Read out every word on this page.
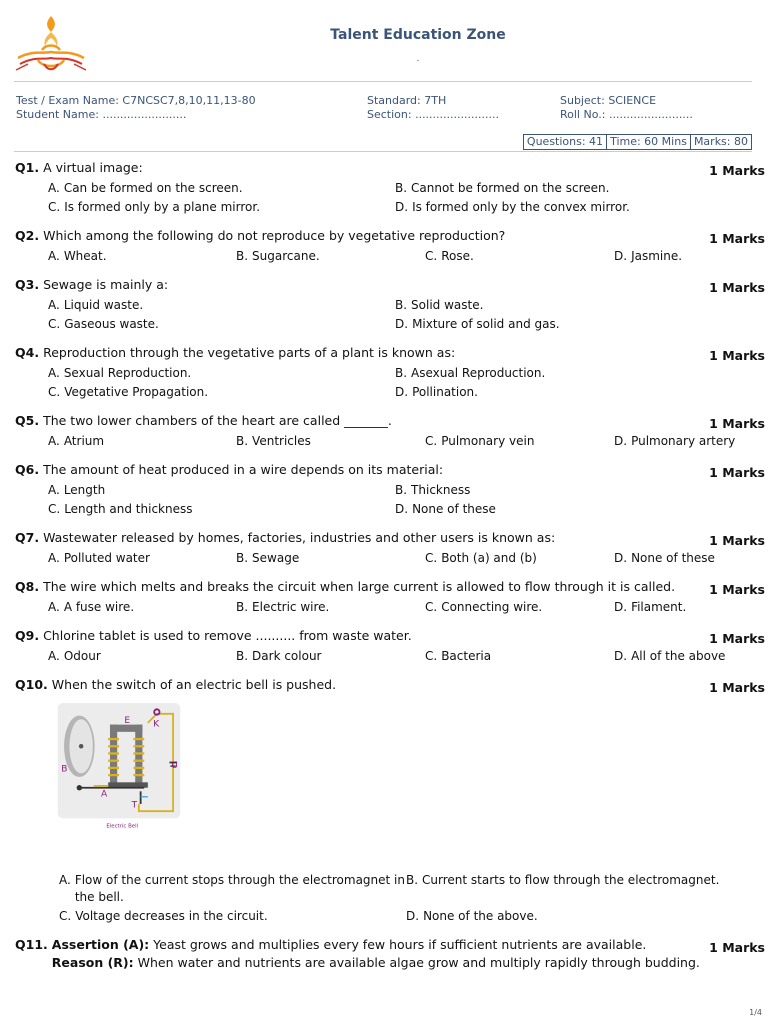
Talent Education Zone
.
Test / Exam Name: C7NCSC7,8,10,11,13-80
Student Name: ........................
Standard: 7TH
Section: ........................
Subject: SCIENCE
Roll No.: ........................
Questions: 41 Time: 60 Mins Marks: 80
Q1. A virtual image:	1 Marks
A. Can be formed on the screen.	B. Cannot be formed on the screen.
C. Is formed only by a plane mirror.	D. Is formed only by the convex mirror.
Q2. Which among the following do not reproduce by vegetative reproduction?	1 Marks
A. Wheat.	B. Sugarcane.	C. Rose.	D. Jasmine.
Q3. Sewage is mainly a:	1 Marks
A. Liquid waste.	B. Solid waste.
C. Gaseous waste.	D. Mixture of solid and gas.
Q4. Reproduction through the vegetative parts of a plant is known as:	1 Marks
A. Sexual Reproduction.	B. Asexual Reproduction.
C. Vegetative Propagation.	D. Pollination.
Q5. The two lower chambers of the heart are called _______.	1 Marks
A. Atrium	B. Ventricles	C. Pulmonary vein	D. Pulmonary artery
Q6. The amount of heat produced in a wire depends on its material:	1 Marks
A. Length	B. Thickness
C. Length and thickness	D. None of these
Q7. Wastewater released by homes, factories, industries and other users is known as:	1 Marks
A. Polluted water	B. Sewage	C. Both (a) and (b)	D. None of these
Q8. The wire which melts and breaks the circuit when large current is allowed to flow through it is called.	1 Marks
A. A fuse wire.	B. Electric wire.	C. Connecting wire.	D. Filament.
Q9. Chlorine tablet is used to remove .......... from waste water.	1 Marks
A. Odour	B. Dark colour	C. Bacteria	D. All of the above
Q10. When the switch of an electric bell is pushed.	1 Marks
E K
B	U
A
T
Electric Bell
A. Flow of the current stops through the electromagnet in the bell.
B. Current starts to flow through the electromagnet.
C. Voltage decreases in the circuit.	D. None of the above.
Q11. Assertion (A): Yeast grows and multiplies every few hours if sufficient nutrients are available.
Reason (R): When water and nutrients are available algae grow and multiply rapidly through budding.
1 Marks
1/4
